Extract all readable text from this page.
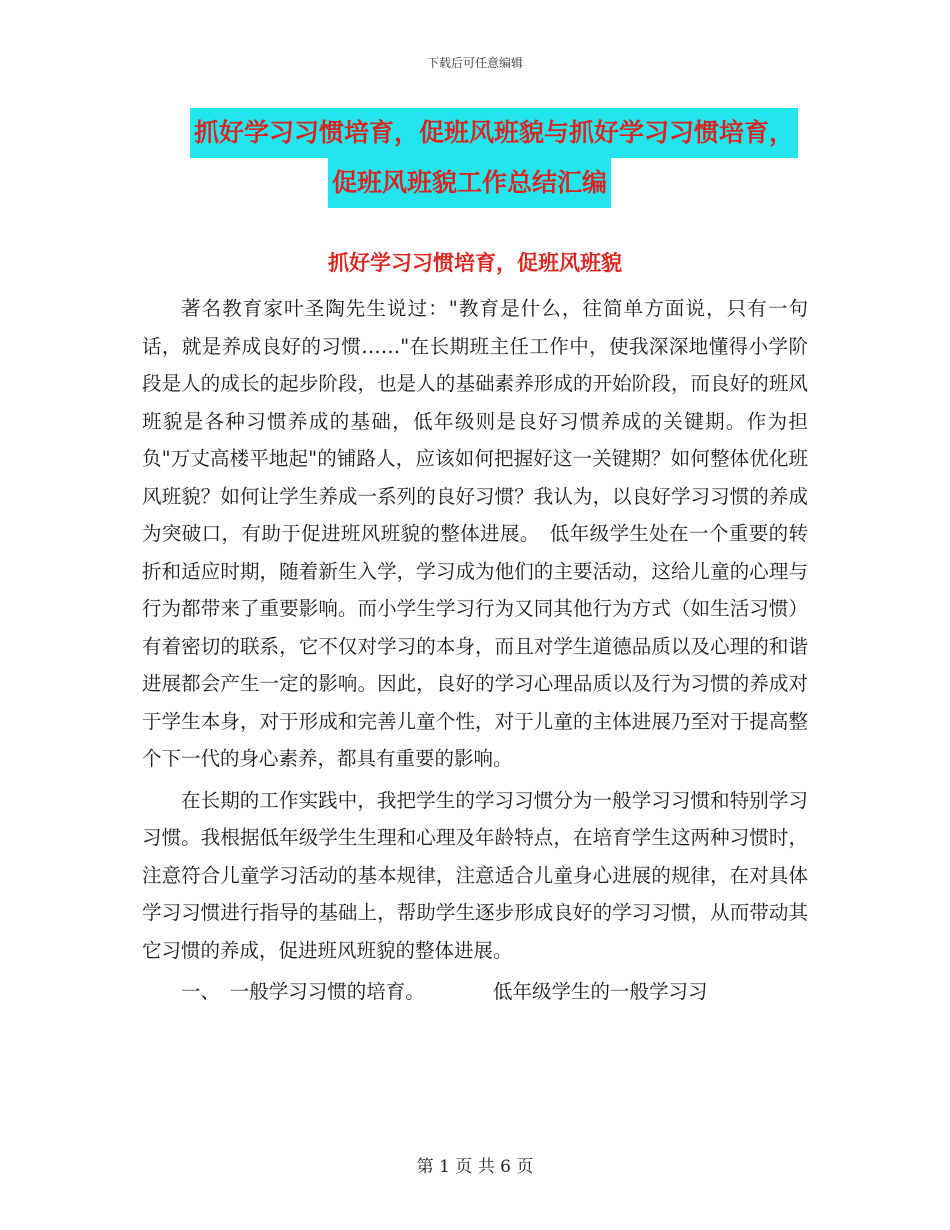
下载后可任意编辑
抓好学习习惯培育，促班风班貌与抓好学习习惯培育，
促班风班貌工作总结汇编
抓好学习习惯培育，促班风班貌

著名教育家叶圣陶先生说过："教育是什么，往简单方面说，只有一句话，就是养成良好的习惯……"在长期班主任工作中，使我深深地懂得小学阶段是人的成长的起步阶段，也是人的基础素养形成的开始阶段，而良好的班风班貌是各种习惯养成的基础，低年级则是良好习惯养成的关键期。作为担负"万丈高楼平地起"的铺路人，应该如何把握好这一关键期？如何整体优化班风班貌？如何让学生养成一系列的良好习惯？我认为，以良好学习习惯的养成为突破口，有助于促进班风班貌的整体进展。　低年级学生处在一个重要的转折和适应时期，随着新生入学，学习成为他们的主要活动，这给儿童的心理与行为都带来了重要影响。而小学生学习行为又同其他行为方式（如生活习惯）有着密切的联系，它不仅对学习的本身，而且对学生道德品质以及心理的和谐进展都会产生一定的影响。因此，良好的学习心理品质以及行为习惯的养成对于学生本身，对于形成和完善儿童个性，对于儿童的主体进展乃至对于提高整个下一代的身心素养，都具有重要的影响。

在长期的工作实践中，我把学生的学习习惯分为一般学习习惯和特别学习习惯。我根据低年级学生生理和心理及年龄特点，在培育学生这两种习惯时，注意符合儿童学习活动的基本规律，注意适合儿童身心进展的规律，在对具体学习习惯进行指导的基础上，帮助学生逐步形成良好的学习习惯，从而带动其它习惯的养成，促进班风班貌的整体进展。

一、　一般学习习惯的培育。　　　　低年级学生的一般学习习
第 1 页 共 6 页
